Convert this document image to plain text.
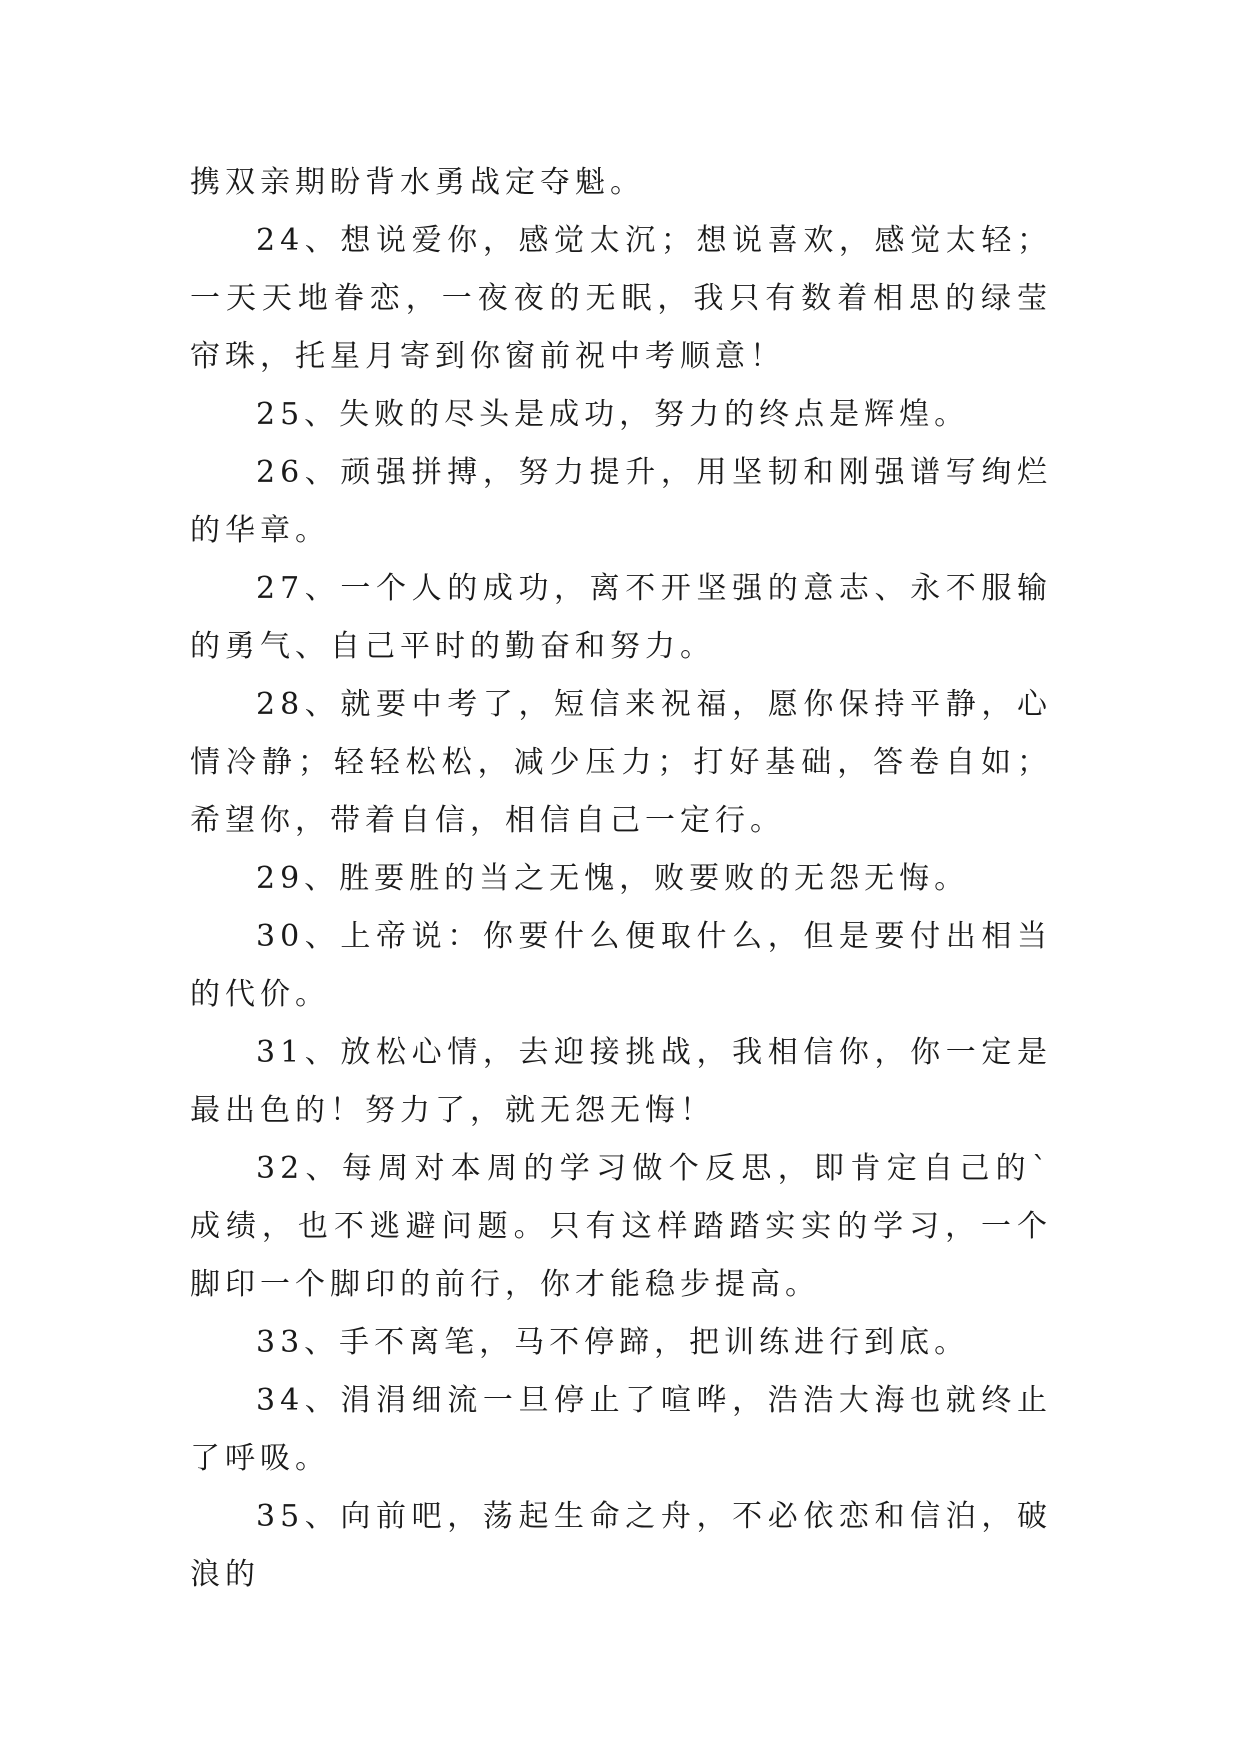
携双亲期盼背水勇战定夺魁。

24、想说爱你，感觉太沉；想说喜欢，感觉太轻；一天天地眷恋，一夜夜的无眠，我只有数着相思的绿莹帘珠，托星月寄到你窗前祝中考顺意！

25、失败的尽头是成功，努力的终点是辉煌。

26、顽强拼搏，努力提升，用坚韧和刚强谱写绚烂的华章。

27、一个人的成功，离不开坚强的意志、永不服输的勇气、自己平时的勤奋和努力。

28、就要中考了，短信来祝福，愿你保持平静，心情冷静；轻轻松松，减少压力；打好基础，答卷自如；希望你，带着自信，相信自己一定行。

29、胜要胜的当之无愧，败要败的无怨无悔。

30、上帝说：你要什么便取什么，但是要付出相当的代价。

31、放松心情，去迎接挑战，我相信你，你一定是最出色的！努力了，就无怨无悔！

32、每周对本周的学习做个反思，即肯定自己的`成绩，也不逃避问题。只有这样踏踏实实的学习，一个脚印一个脚印的前行，你才能稳步提高。

33、手不离笔，马不停蹄，把训练进行到底。

34、涓涓细流一旦停止了喧哗，浩浩大海也就终止了呼吸。

35、向前吧，荡起生命之舟，不必依恋和信泊，破浪的
